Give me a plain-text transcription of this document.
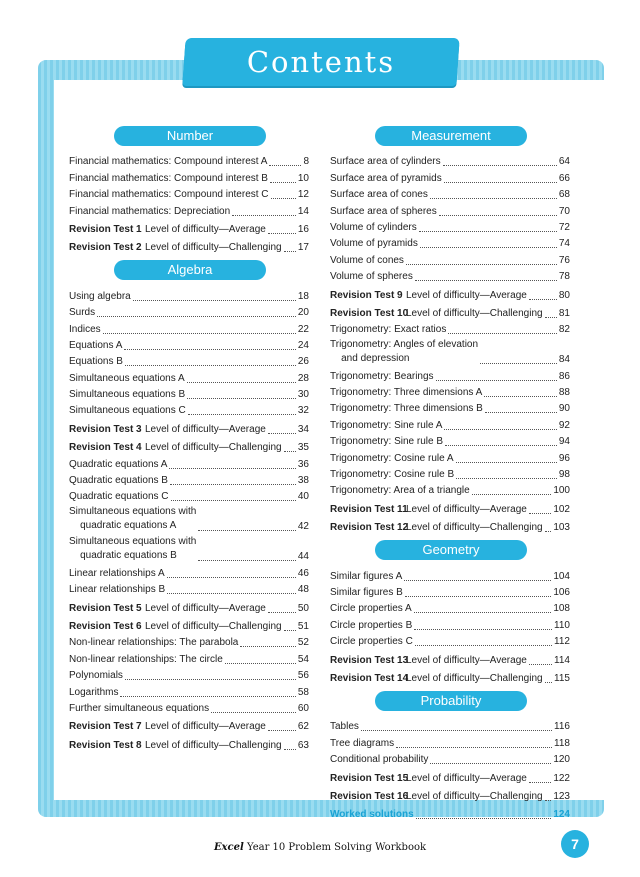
Contents
Number
Financial mathematics: Compound interest A	8
Financial mathematics: Compound interest B	10
Financial mathematics: Compound interest C	12
Financial mathematics: Depreciation	14
Revision Test 1 Level of difficulty—Average	16
Revision Test 2 Level of difficulty—Challenging 17
Algebra
Using algebra	18
Surds	20
Indices	22
Equations A	24
Equations B	26
Simultaneous equations A	28
Simultaneous equations B	30
Simultaneous equations C	32
Revision Test 3 Level of difficulty—Average	34
Revision Test 4 Level of difficulty—Challenging 35
Quadratic equations A	36
Quadratic equations B	38
Quadratic equations C	40
Simultaneous equations with
quadratic equations A	42
Simultaneous equations with
quadratic equations B	44
Linear relationships A	46
Linear relationships B	48
Revision Test 5 Level of difficulty—Average	50
Revision Test 6 Level of difficulty—Challenging 51
Non-linear relationships: The parabola	52
Non-linear relationships: The circle	54
Polynomials	56
Logarithms	58
Further simultaneous equations	60
Revision Test 7 Level of difficulty—Average	62
Revision Test 8 Level of difficulty—Challenging 63
Measurement
Surface area of cylinders	64
Surface area of pyramids	66
Surface area of cones	68
Surface area of spheres	70
Volume of cylinders	72
Volume of pyramids	74
Volume of cones	76
Volume of spheres	78
Revision Test 9 Level of difficulty—Average	80
Revision Test 10
Level of difficulty—Challenging 81
Trigonometry: Exact ratios	82
Trigonometry: Angles of elevation
and depression	84
Trigonometry: Bearings	86
Trigonometry: Three dimensions A	88
Trigonometry: Three dimensions B	90
Trigonometry: Sine rule A	92
Trigonometry: Sine rule B	94
Trigonometry: Cosine rule A	96
Trigonometry: Cosine rule B	98
Trigonometry: Area of a triangle	100
Revision Test 11
Level of difficulty—Average	102
Revision Test 12
Level of difficulty—Challenging 103
Geometry
Similar figures A	104
Similar figures B	106
Circle properties A	108
Circle properties B	110
Circle properties C	112
Revision Test 13
Level of difficulty—Average	114
Revision Test 14
Level of difficulty—Challenging 115
Probability
Tables	116
Tree diagrams	118
Conditional probability	120
Revision Test 15
Level of difficulty—Average	122
Revision Test 16
Level of difficulty—Challenging 123
Worked solutions	124
Excel Year 10 Problem Solving Workbook	7
